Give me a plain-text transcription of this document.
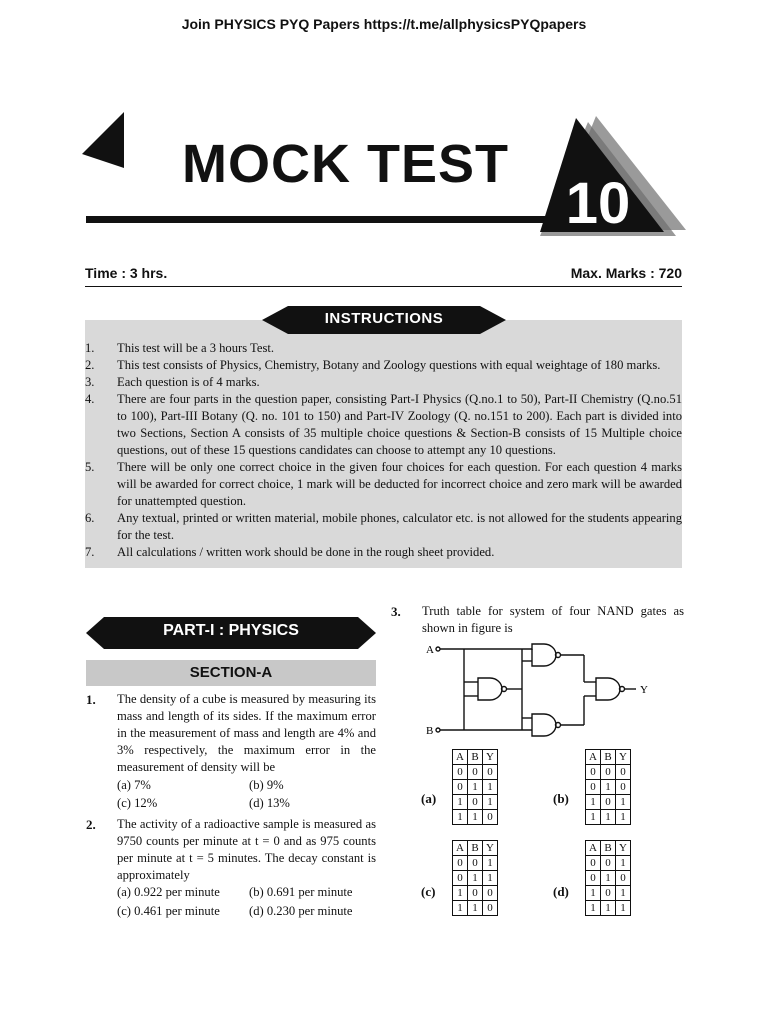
Join PHYSICS PYQ Papers https://t.me/allphysicsPYQpapers
MOCK TEST
10
Time : 3 hrs.	Max. Marks : 720
INSTRUCTIONS
1. This test will be a 3 hours Test.
2. This test consists of Physics, Chemistry, Botany and Zoology questions with equal weightage of 180 marks.
3. Each question is of 4 marks.
4. There are four parts in the question paper, consisting Part-I Physics (Q.no.1 to 50), Part-II Chemistry (Q.no.51 to 100), Part-III Botany (Q. no. 101 to 150) and Part-IV Zoology (Q. no.151 to 200). Each part is divided into two Sections, Section A consists of 35 multiple choice questions & Section-B consists of 15 Multiple choice questions, out of these 15 questions candidates can choose to attempt any 10 questions.
5. There will be only one correct choice in the given four choices for each question. For each question 4 marks will be awarded for correct choice, 1 mark will be deducted for incorrect choice and zero mark will be awarded for unattempted question.
6. Any textual, printed or written material, mobile phones, calculator etc. is not allowed for the students appearing for the test.
7. All calculations / written work should be done in the rough sheet provided.
PART-I : PHYSICS
SECTION-A
1. The density of a cube is measured by measuring its mass and length of its sides. If the maximum error in the measurement of mass and length are 4% and 3% respectively, the maximum error in the measurement of density will be
(a) 7%	(b) 9%
(c) 12%	(d) 13%
2. The activity of a radioactive sample is measured as 9750 counts per minute at t = 0 and as 975 counts per minute at t = 5 minutes. The decay constant is approximately
(a) 0.922 per minute (b) 0.691 per minute
(c) 0.461 per minute (d) 0.230 per minute
3. Truth table for system of four NAND gates as shown in figure is
A
B
Y
(a)
A	B	Y
0	0	0
0	1	1
1	0	1
1	1	0
(b)
A	B	Y
0	0	0
0	1	0
1	0	1
1	1	1
(c)
A	B	Y
0	0	1
0	1	1
1	0	0
1	1	0
(d)
A	B	Y
0	0	1
0	1	0
1	0	1
1	1	1
